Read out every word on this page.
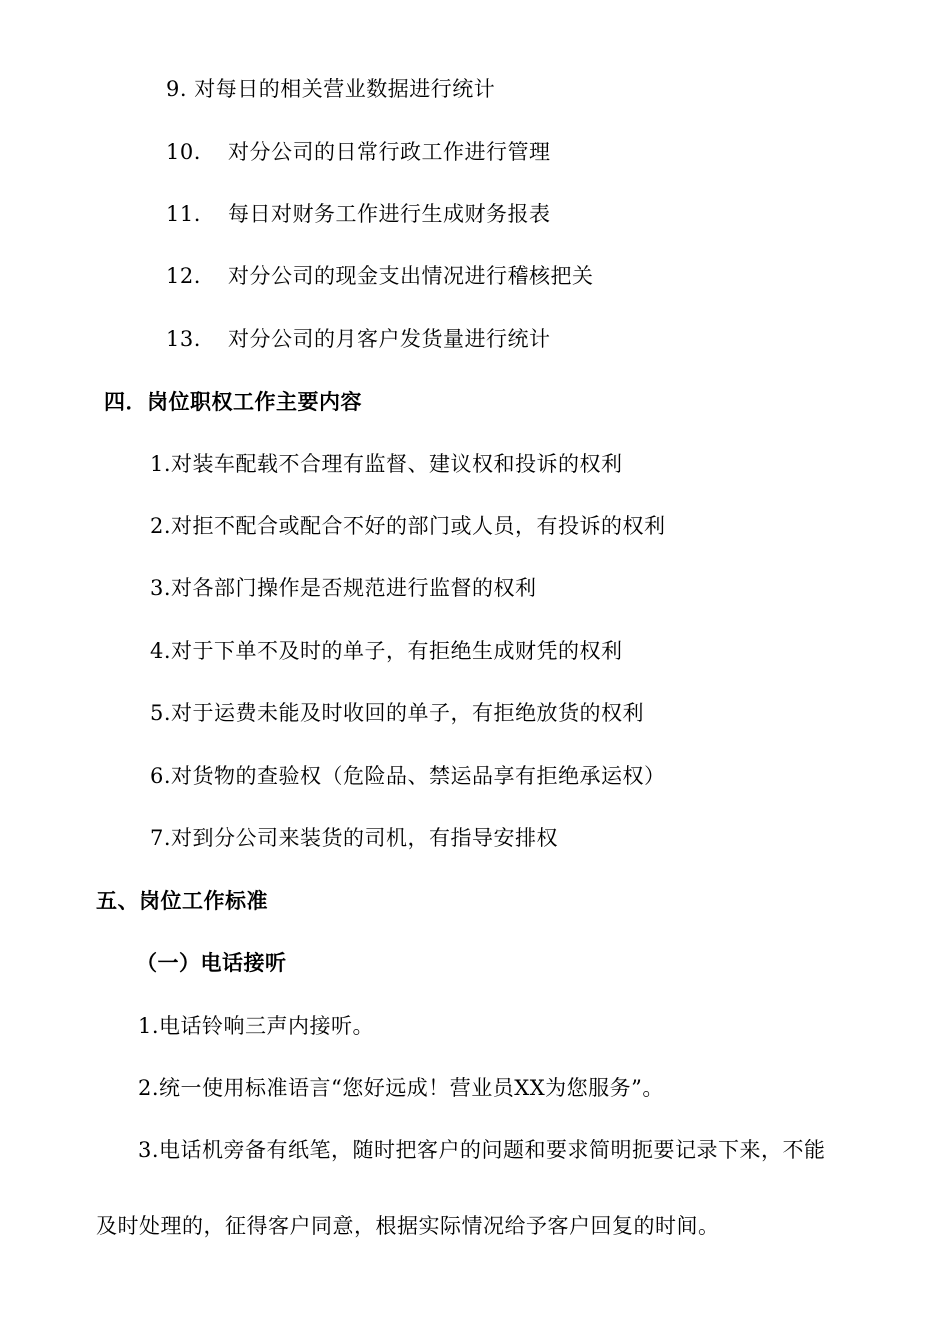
9. 对每日的相关营业数据进行统计
10. 对分公司的日常行政工作进行管理
11. 每日对财务工作进行生成财务报表
12. 对分公司的现金支出情况进行稽核把关
13. 对分公司的月客户发货量进行统计
四．岗位职权工作主要内容
1.对装车配载不合理有监督、建议权和投诉的权利
2.对拒不配合或配合不好的部门或人员，有投诉的权利
3.对各部门操作是否规范进行监督的权利
4.对于下单不及时的单子，有拒绝生成财凭的权利
5.对于运费未能及时收回的单子，有拒绝放货的权利
6.对货物的查验权（危险品、禁运品享有拒绝承运权）
7.对到分公司来装货的司机，有指导安排权
五、岗位工作标准
（一）电话接听
1.电话铃响三声内接听。
2.统一使用标准语言“您好远成！营业员XX为您服务”。
3.电话机旁备有纸笔，随时把客户的问题和要求简明扼要记录下来，不能
及时处理的，征得客户同意，根据实际情况给予客户回复的时间。
